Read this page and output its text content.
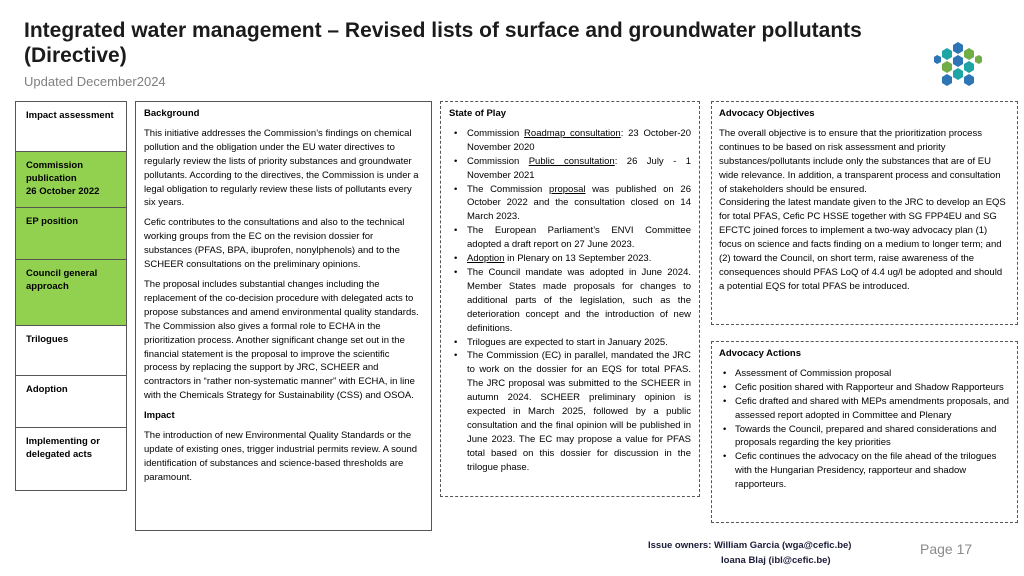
Integrated water management – Revised lists of surface and groundwater pollutants (Directive)
Updated December2024
Impact assessment
Commission publication
26 October 2022
EP position
Council general approach
Trilogues
Adoption
Implementing or delegated acts
Background

This initiative addresses the Commission’s findings on chemical pollution and the obligation under the EU water directives to regularly review the lists of priority substances and groundwater pollutants. According to the directives, the Commission is under a legal obligation to regularly review these lists of pollutants every six years.

Cefic contributes to the consultations and also to the technical working groups from the EC on the revision dossier for substances (PFAS, BPA, ibuprofen, nonylphenols) and to the SCHEER consultations on the preliminary opinions.

The proposal includes substantial changes including the replacement of the co-decision procedure with delegated acts to propose substances and amend environmental quality standards. The Commission also gives a formal role to ECHA in the prioritization process. Another significant change set out in the financial statement is the proposal to improve the scientific process by replacing the support by JRC, SCHEER and contractors in “rather non-systematic manner” with ECHA, in line with the Chemicals Strategy for Sustainability (CSS) and OSOA.

Impact

The introduction of new Environmental Quality Standards or the update of existing ones, trigger industrial permits review. A sound identification of substances and science-based thresholds are paramount.

State of Play
• Commission Roadmap consultation: 23 October-20 November 2020
• Commission Public consultation: 26 July - 1 November 2021
• The Commission proposal was published on 26 October 2022 and the consultation closed on 14 March 2023.
• The European Parliament’s ENVI Committee adopted a draft report on 27 June 2023.
• Adoption in Plenary on 13 September 2023.
• The Council mandate was adopted in June 2024. Member States made proposals for changes to additional parts of the legislation, such as the deterioration concept and the introduction of new definitions.
• Trilogues are expected to start in January 2025.
• The Commission (EC) in parallel, mandated the JRC to work on the dossier for an EQS for total PFAS. The JRC proposal was submitted to the SCHEER in autumn 2024. SCHEER preliminary opinion is expected in March 2025, followed by a public consultation and the final opinion will be published in June 2023. The EC may propose a value for PFAS total based on this dossier for discussion in the trilogue phase.
Advocacy Objectives
The overall objective is to ensure that the prioritization process continues to be based on risk assessment and priority substances/pollutants include only the substances that are of EU wide relevance. In addition, a transparent process and consultation of stakeholders should be ensured.
Considering the latest mandate given to the JRC to develop an EQS for total PFAS, Cefic PC HSSE together with SG FPP4EU and SG EFCTC joined forces to implement a two-way advocacy plan (1) focus on science and facts finding on a medium to longer term; and (2) toward the Council, on short term, raise awareness of the consequences should PFAS LoQ of 4.4 ug/l be adopted and should a potential EQS for total PFAS be introduced.
Advocacy Actions
• Assessment of Commission proposal
• Cefic position shared with Rapporteur and Shadow Rapporteurs
• Cefic drafted and shared with MEPs amendments proposals, and assessed report adopted in Committee and Plenary
• Towards the Council, prepared and shared considerations and proposals regarding the key priorities
• Cefic continues the advocacy on the file ahead of the trilogues with the Hungarian Presidency, rapporteur and shadow rapporteurs.
Issue owners: William Garcia (wga@cefic.be)
Ioana Blaj (ibl@cefic.be)
Page 17
